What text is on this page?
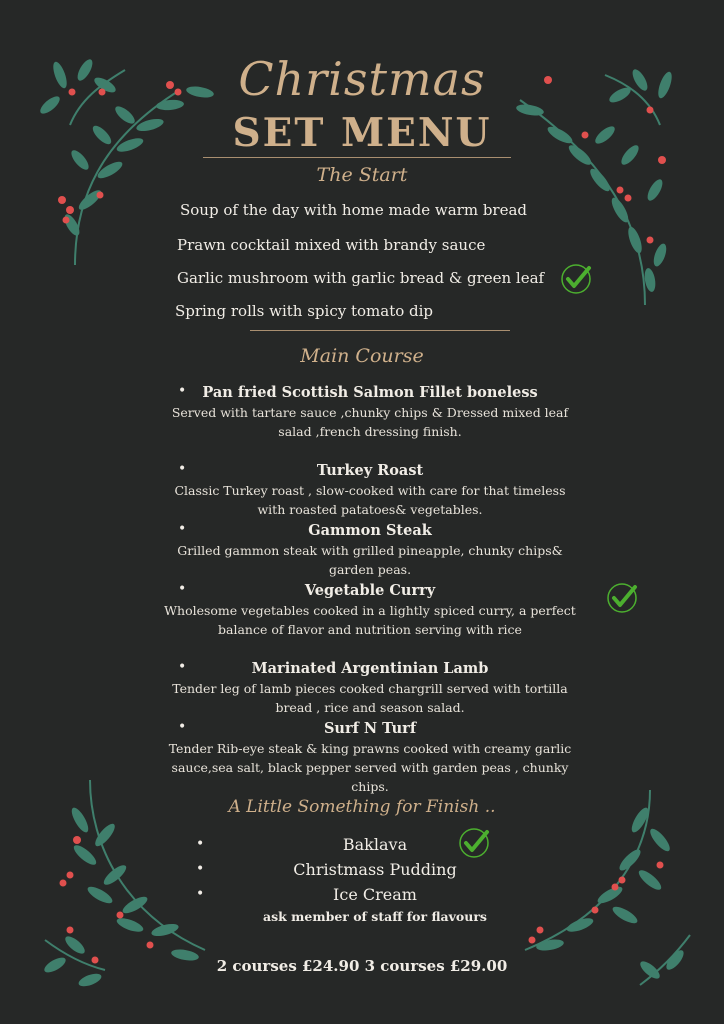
Christmas
SET MENU
The Start
Soup of the day with home made warm bread
Prawn cocktail mixed with brandy sauce
Garlic mushroom with garlic bread & green leaf
Spring rolls with spicy tomato dip
Main Course
•	Pan fried Scottish Salmon Fillet boneless
Served with tartare sauce ,chunky chips & Dressed mixed leaf salad ,french dressing finish.
•	Turkey Roast
Classic Turkey roast , slow-cooked with care for that timeless with roasted patatoes& vegetables.
•	Gammon Steak
Grilled gammon steak with grilled pineapple, chunky chips& garden peas.
•	Vegetable Curry
Wholesome vegetables cooked in a lightly spiced curry, a perfect balance of flavor and nutrition serving with rice
•	Marinated Argentinian Lamb
Tender leg of lamb pieces cooked chargrill served with tortilla bread , rice and season salad.
•	Surf N Turf
Tender Rib-eye steak & king prawns cooked with creamy garlic sauce,sea salt, black pepper served with garden peas , chunky chips.
A Little Something for Finish ..
•	Baklava
•	Christmass Pudding
•	Ice Cream
ask member of staff for flavours
2 courses £24.90 3 courses £29.00
